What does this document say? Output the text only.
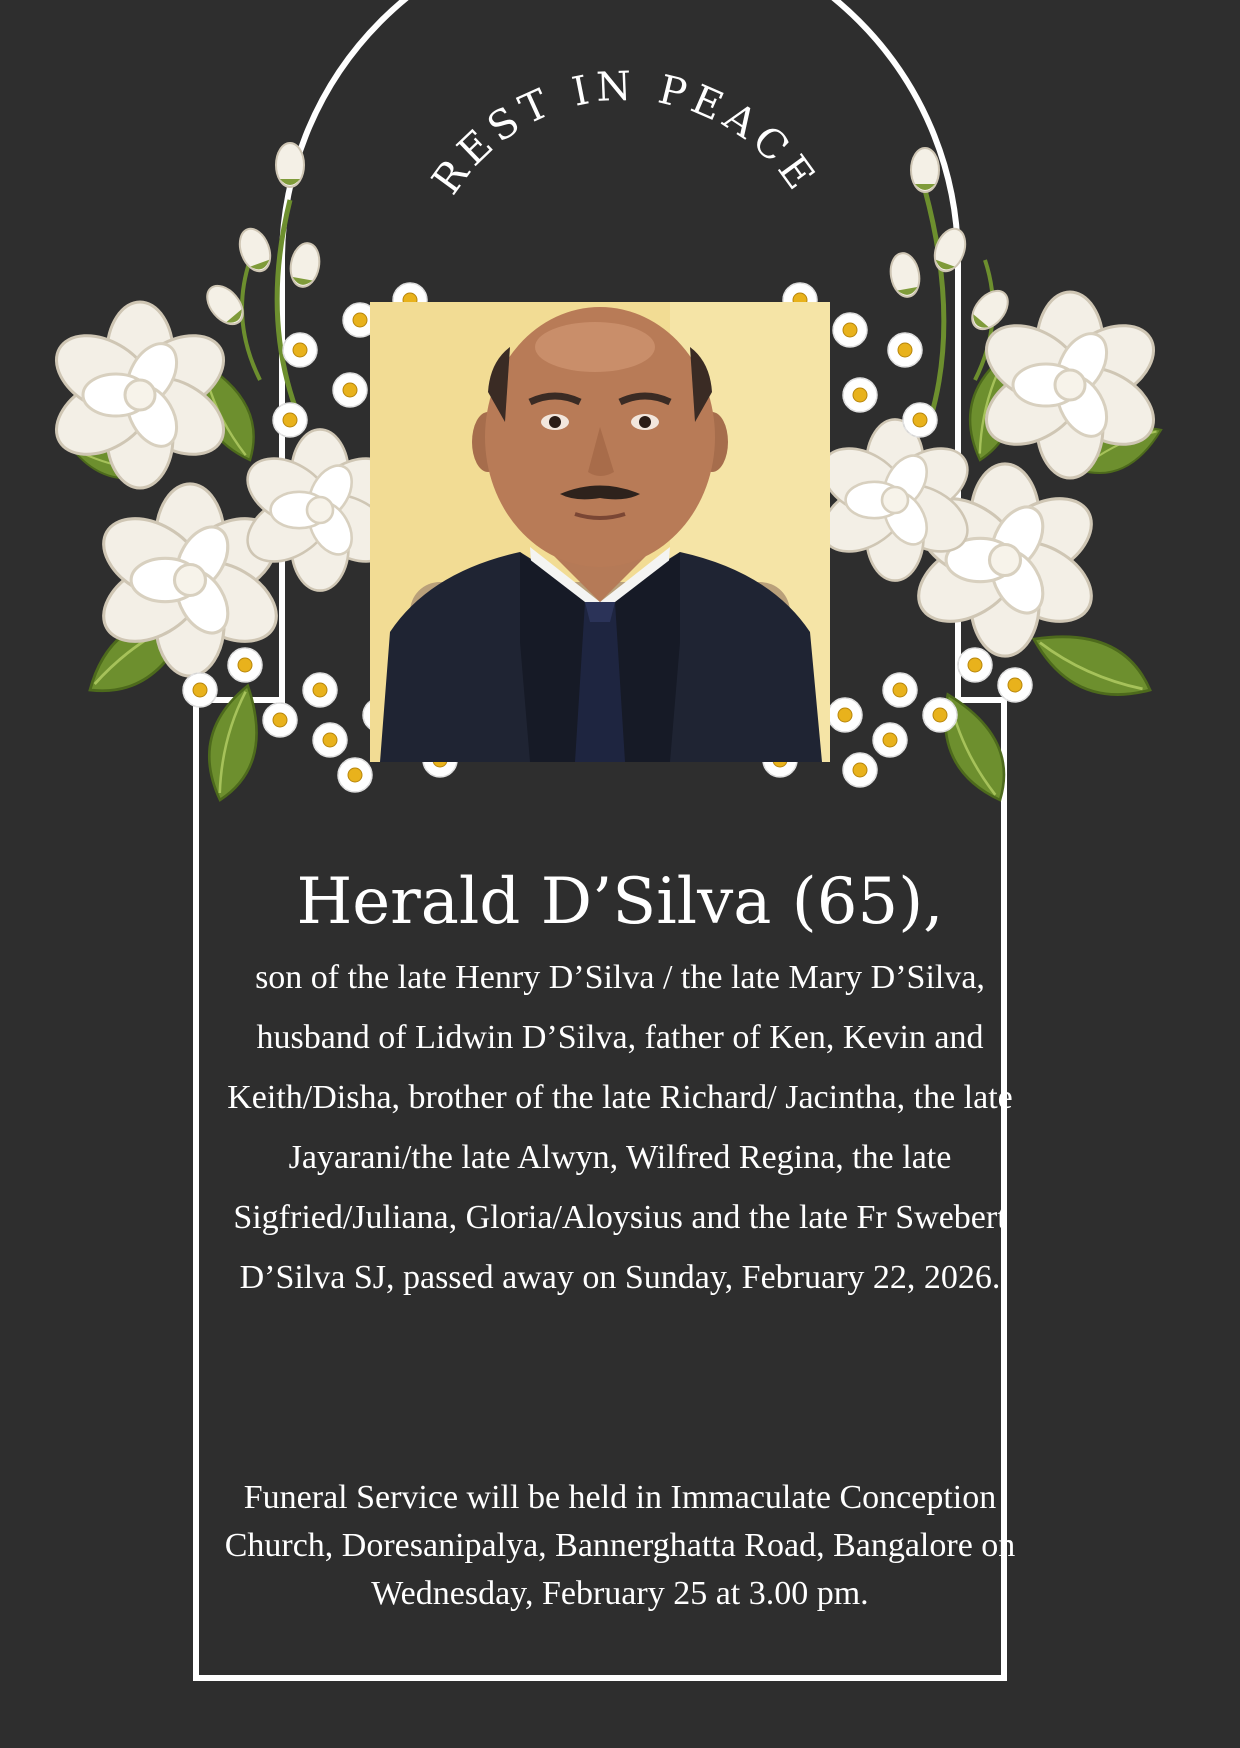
REST IN PEACE
Herald D’Silva (65),
son of the late Henry D’Silva / the late Mary D’Silva, husband of Lidwin D’Silva, father of Ken, Kevin and Keith/Disha, brother of the late Richard/ Jacintha, the late Jayarani/the late Alwyn, Wilfred Regina, the late Sigfried/Juliana, Gloria/Aloysius and the late Fr Swebert D’Silva SJ, passed away on Sunday, February 22, 2026.
Funeral Service will be held in Immaculate Conception Church, Doresanipalya, Bannerghatta Road, Bangalore on Wednesday, February 25 at 3.00 pm.
